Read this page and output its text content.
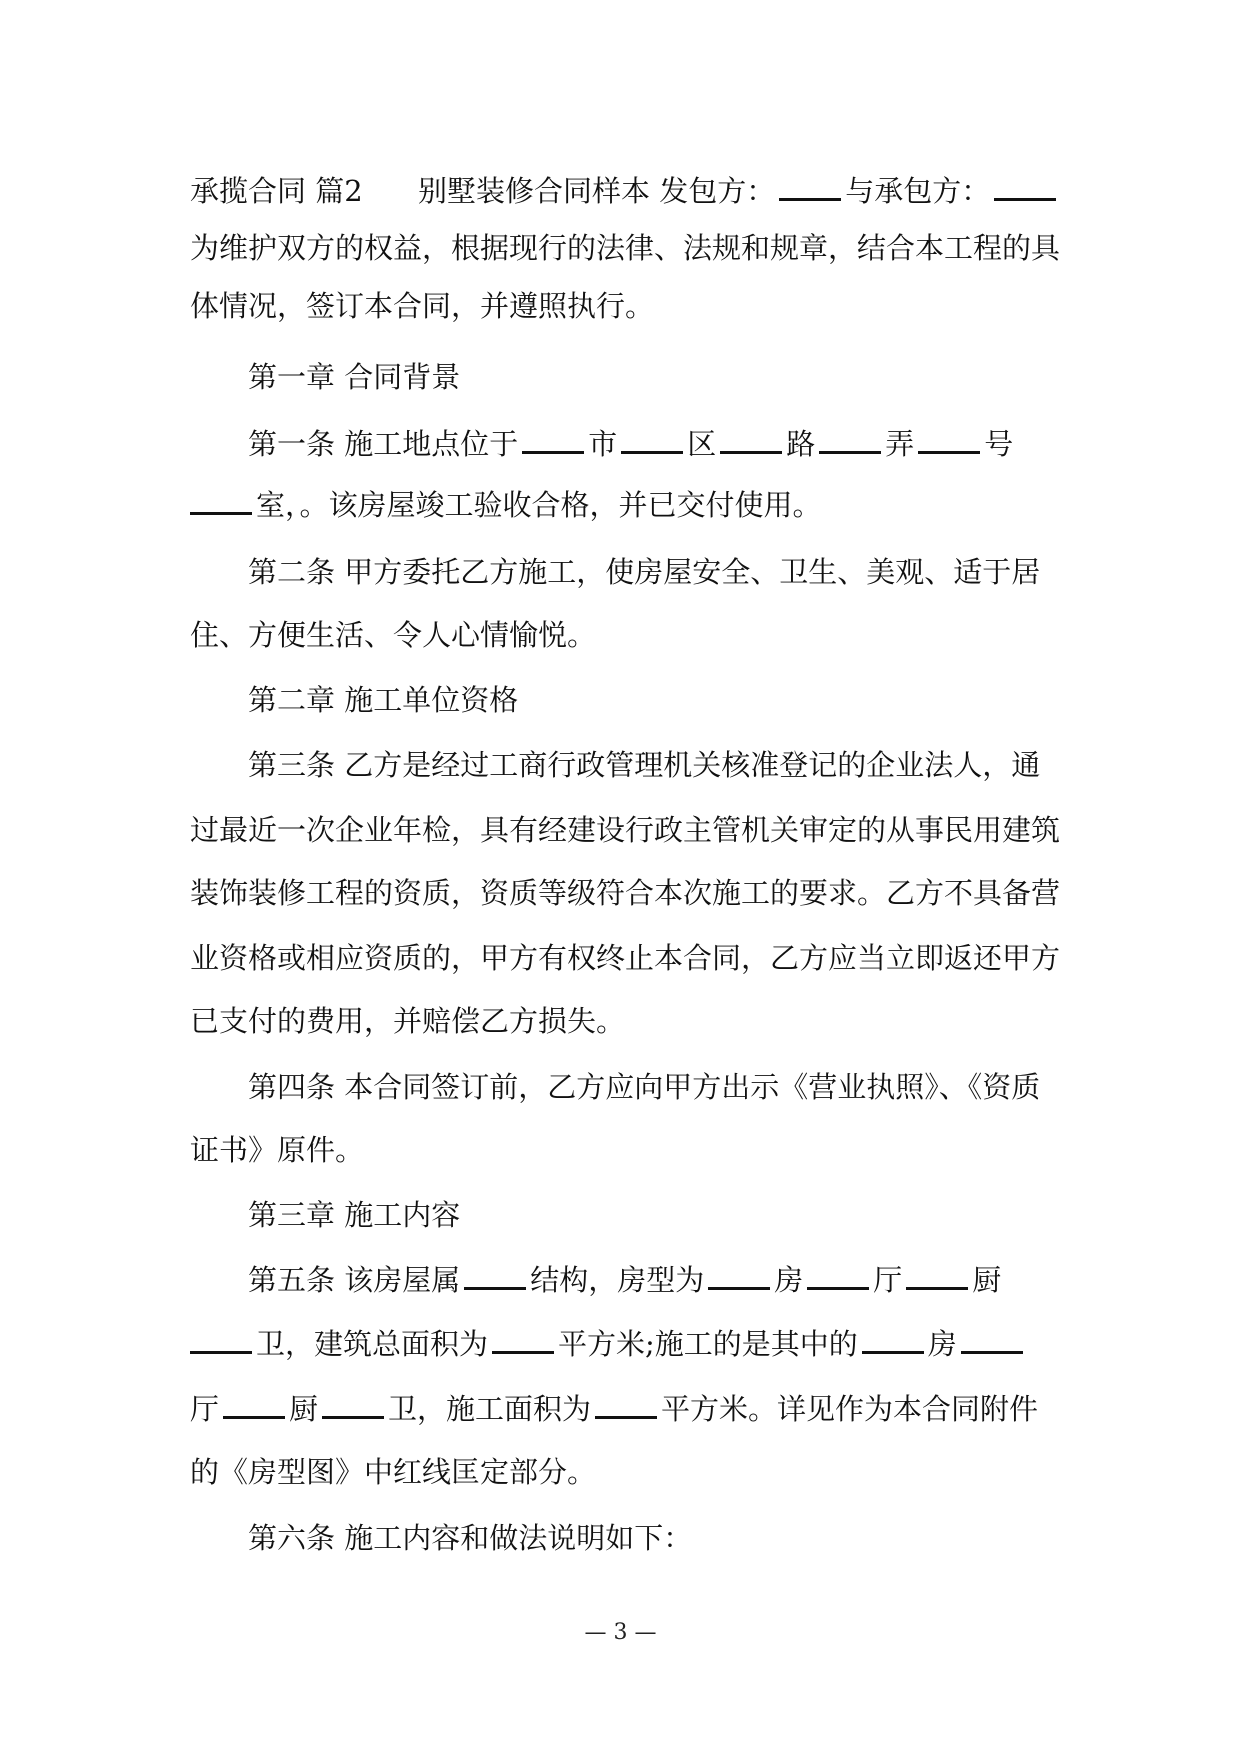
承揽合同 篇2 别墅装修合同样本 发包方： 与承包方：
为维护双方的权益，根据现行的法律、法规和规章，结合本工程的具
体情况，签订本合同，并遵照执行。
第一章 合同背景
第一条 施工地点位于 市 区 路 弄 号
室，。该房屋竣工验收合格，并已交付使用。
第二条 甲方委托乙方施工，使房屋安全、卫生、美观、适于居
住、方便生活、令人心情愉悦。
第二章 施工单位资格
第三条 乙方是经过工商行政管理机关核准登记的企业法人，通
过最近一次企业年检，具有经建设行政主管机关审定的从事民用建筑
装饰装修工程的资质，资质等级符合本次施工的要求。乙方不具备营
业资格或相应资质的，甲方有权终止本合同，乙方应当立即返还甲方
已支付的费用，并赔偿乙方损失。
第四条 本合同签订前，乙方应向甲方出示《营业执照》、《资质
证书》原件。
第三章 施工内容
第五条 该房屋属 结构，房型为 房 厅 厨
卫，建筑总面积为 平方米;施工的是其中的 房
厅 厨 卫，施工面积为 平方米。详见作为本合同附件
的《房型图》中红线匡定部分。
第六条 施工内容和做法说明如下：
— 3 —
